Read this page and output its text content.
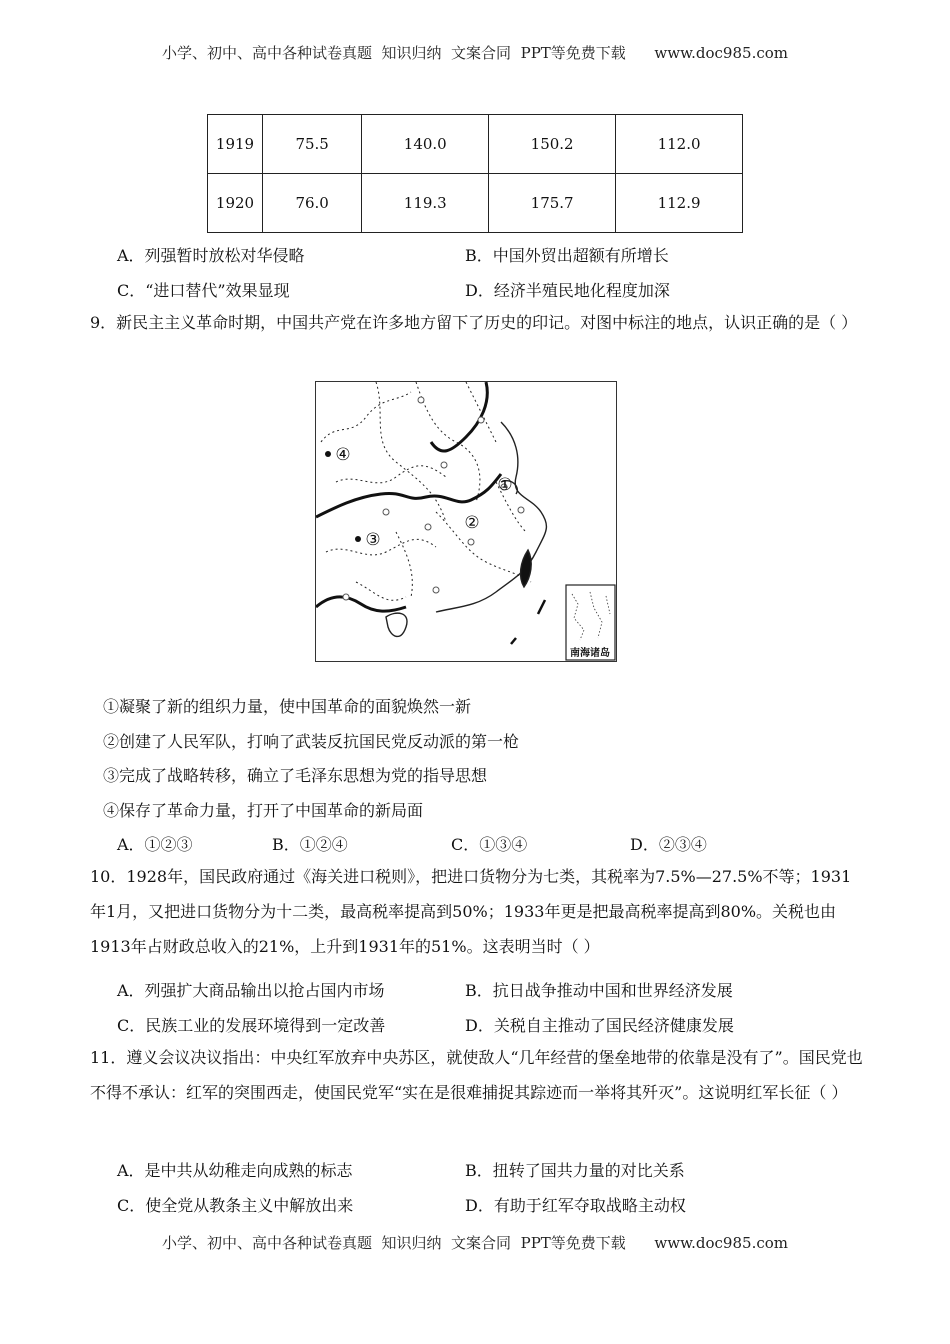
小学、初中、高中各种试卷真题  知识归纳  文案合同  PPT等免费下载      www.doc985.com
1919	75.5	140.0	150.2	112.0
1920	76.0	119.3	175.7	112.9
A．列强暂时放松对华侵略	B．中国外贸出超额有所增长
C．“进口替代”效果显现	D．经济半殖民地化程度加深
9．新民主主义革命时期，中国共产党在许多地方留下了历史的印记。对图中标注的地点，认识正确的是（ ）
①
②
③
④
南海诸岛
①凝聚了新的组织力量，使中国革命的面貌焕然一新
②创建了人民军队，打响了武装反抗国民党反动派的第一枪
③完成了战略转移，确立了毛泽东思想为党的指导思想
④保存了革命力量，打开了中国革命的新局面
A．①②③	B．①②④	C．①③④	D．②③④
10．1928年，国民政府通过《海关进口税则》，把进口货物分为七类，其税率为7.5%—27.5%不等；1931年1月，又把进口货物分为十二类，最高税率提高到50%；1933年更是把最高税率提高到80%。关税也由1913年占财政总收入的21%，上升到1931年的51%。这表明当时（ ）
A．列强扩大商品输出以抢占国内市场	B．抗日战争推动中国和世界经济发展
C．民族工业的发展环境得到一定改善	D．关税自主推动了国民经济健康发展
11．遵义会议决议指出：中央红军放弃中央苏区，就使敌人“几年经营的堡垒地带的依靠是没有了”。国民党也不得不承认：红军的突围西走，使国民党军“实在是很难捕捉其踪迹而一举将其歼灭”。这说明红军长征（ ）
A．是中共从幼稚走向成熟的标志	B．扭转了国共力量的对比关系
C．使全党从教条主义中解放出来	D．有助于红军夺取战略主动权
小学、初中、高中各种试卷真题  知识归纳  文案合同  PPT等免费下载      www.doc985.com
